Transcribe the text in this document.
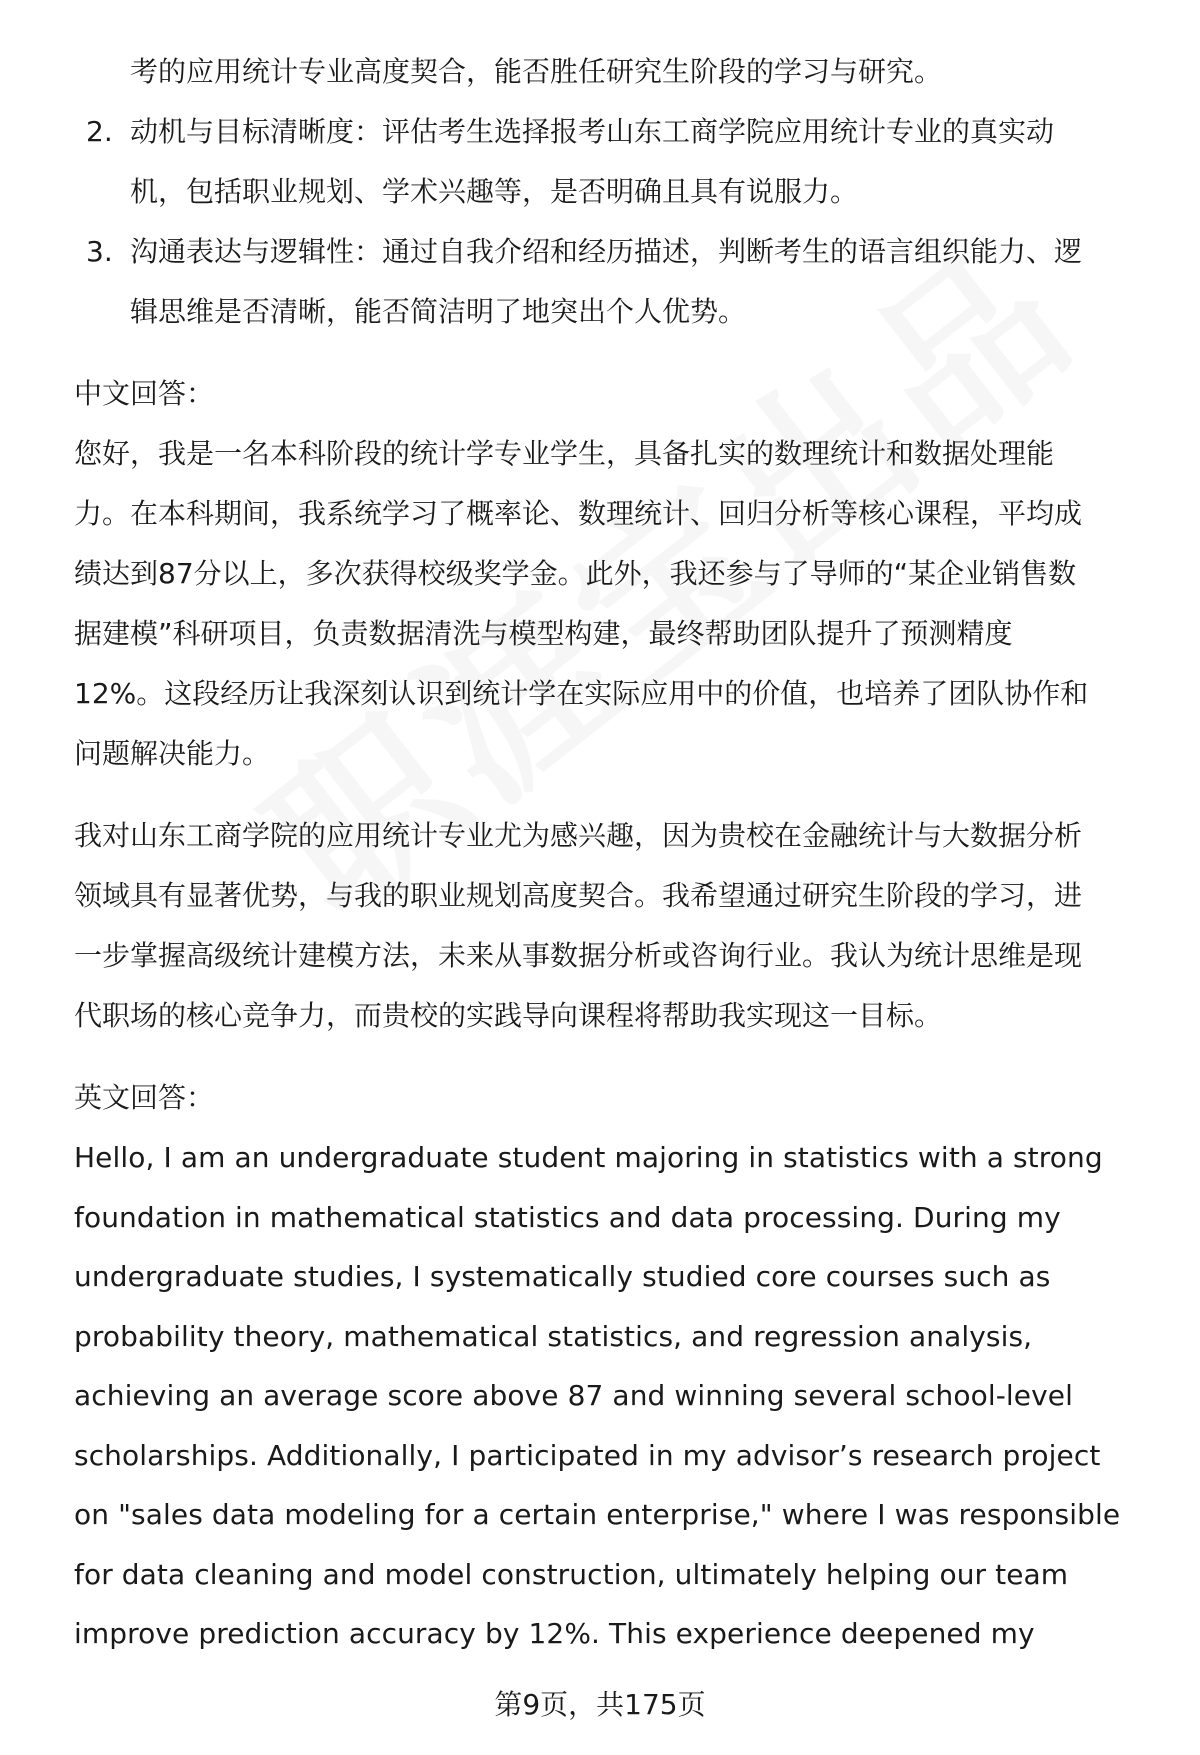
考的应用统计专业高度契合，能否胜任研究生阶段的学习与研究。
2. 动机与目标清晰度：评估考生选择报考山东工商学院应用统计专业的真实动
机，包括职业规划、学术兴趣等，是否明确且具有说服力。
3. 沟通表达与逻辑性：通过自我介绍和经历描述，判断考生的语言组织能力、逻
辑思维是否清晰，能否简洁明了地突出个人优势。
中文回答：
您好，我是一名本科阶段的统计学专业学生，具备扎实的数理统计和数据处理能
力。在本科期间，我系统学习了概率论、数理统计、回归分析等核心课程，平均成
绩达到87分以上，多次获得校级奖学金。此外，我还参与了导师的“某企业销售数
据建模”科研项目，负责数据清洗与模型构建，最终帮助团队提升了预测精度
12%。这段经历让我深刻认识到统计学在实际应用中的价值，也培养了团队协作和
问题解决能力。
我对山东工商学院的应用统计专业尤为感兴趣，因为贵校在金融统计与大数据分析
领域具有显著优势，与我的职业规划高度契合。我希望通过研究生阶段的学习，进
一步掌握高级统计建模方法，未来从事数据分析或咨询行业。我认为统计思维是现
代职场的核心竞争力，而贵校的实践导向课程将帮助我实现这一目标。
英文回答：
Hello, I am an undergraduate student majoring in statistics with a strong
foundation in mathematical statistics and data processing. During my
undergraduate studies, I systematically studied core courses such as
probability theory, mathematical statistics, and regression analysis,
achieving an average score above 87 and winning several school-level
scholarships. Additionally, I participated in my advisor’s research project
on "sales data modeling for a certain enterprise," where I was responsible
for data cleaning and model construction, ultimately helping our team
improve prediction accuracy by 12%. This experience deepened my
第9页，共175页
